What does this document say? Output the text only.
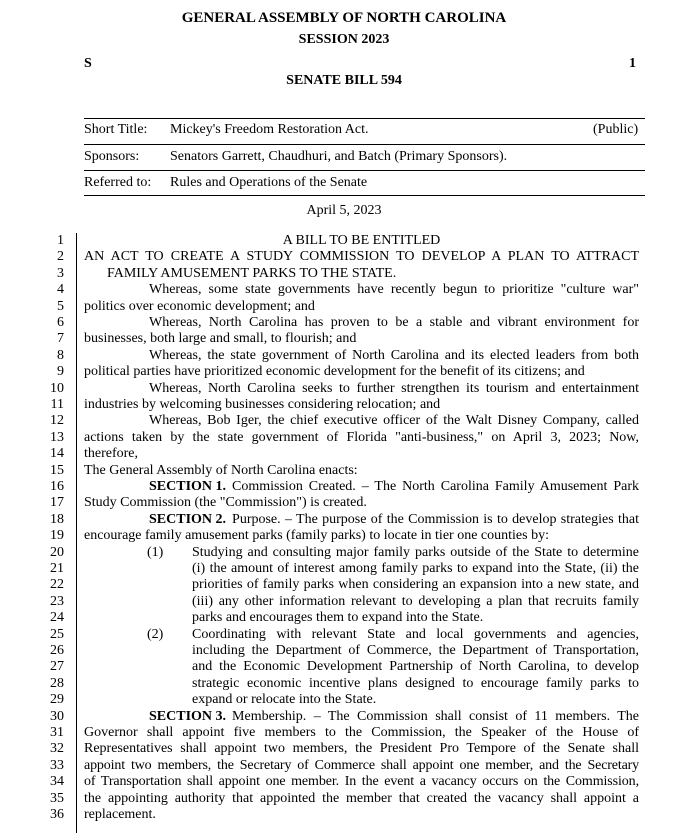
GENERAL ASSEMBLY OF NORTH CAROLINA
SESSION 2023
S	1
SENATE BILL 594
Short Title: Mickey's Freedom Restoration Act.	(Public)
Sponsors: Senators Garrett, Chaudhuri, and Batch (Primary Sponsors).
Referred to: Rules and Operations of the Senate
April 5, 2023
1
2
3
4
5
6
7
8
9
10
11
12
13
14
15
16
17
18
19
20
21
22
23
24
25
26
27
28
29
30
31
32
33
34
35
36
A BILL TO BE ENTITLED
AN ACT TO CREATE A STUDY COMMISSION TO DEVELOP A PLAN TO ATTRACT
FAMILY AMUSEMENT PARKS TO THE STATE.
Whereas, some state governments have recently begun to prioritize "culture war"
politics over economic development; and
Whereas, North Carolina has proven to be a stable and vibrant environment for
businesses, both large and small, to flourish; and
Whereas, the state government of North Carolina and its elected leaders from both
political parties have prioritized economic development for the benefit of its citizens; and
Whereas, North Carolina seeks to further strengthen its tourism and entertainment
industries by welcoming businesses considering relocation; and
Whereas, Bob Iger, the chief executive officer of the Walt Disney Company, called
actions taken by the state government of Florida "anti-business," on April 3, 2023; Now,
therefore,
The General Assembly of North Carolina enacts:
SECTION 1. Commission Created. – The North Carolina Family Amusement Park
Study Commission (the "Commission") is created.
SECTION 2. Purpose. – The purpose of the Commission is to develop strategies that
encourage family amusement parks (family parks) to locate in tier one counties by:
Studying and consulting major family parks outside of the State to determine
(1)
(i) the amount of interest among family parks to expand into the State, (ii) the
priorities of family parks when considering an expansion into a new state, and
(iii) any other information relevant to developing a plan that recruits family
parks and encourages them to expand into the State.
Coordinating with relevant State and local governments and agencies,
(2)
including the Department of Commerce, the Department of Transportation,
and the Economic Development Partnership of North Carolina, to develop
strategic economic incentive plans designed to encourage family parks to
expand or relocate into the State.
SECTION 3. Membership. – The Commission shall consist of 11 members. The
Governor shall appoint five members to the Commission, the Speaker of the House of
Representatives shall appoint two members, the President Pro Tempore of the Senate shall
appoint two members, the Secretary of Commerce shall appoint one member, and the Secretary
of Transportation shall appoint one member. In the event a vacancy occurs on the Commission,
the appointing authority that appointed the member that created the vacancy shall appoint a
replacement.
